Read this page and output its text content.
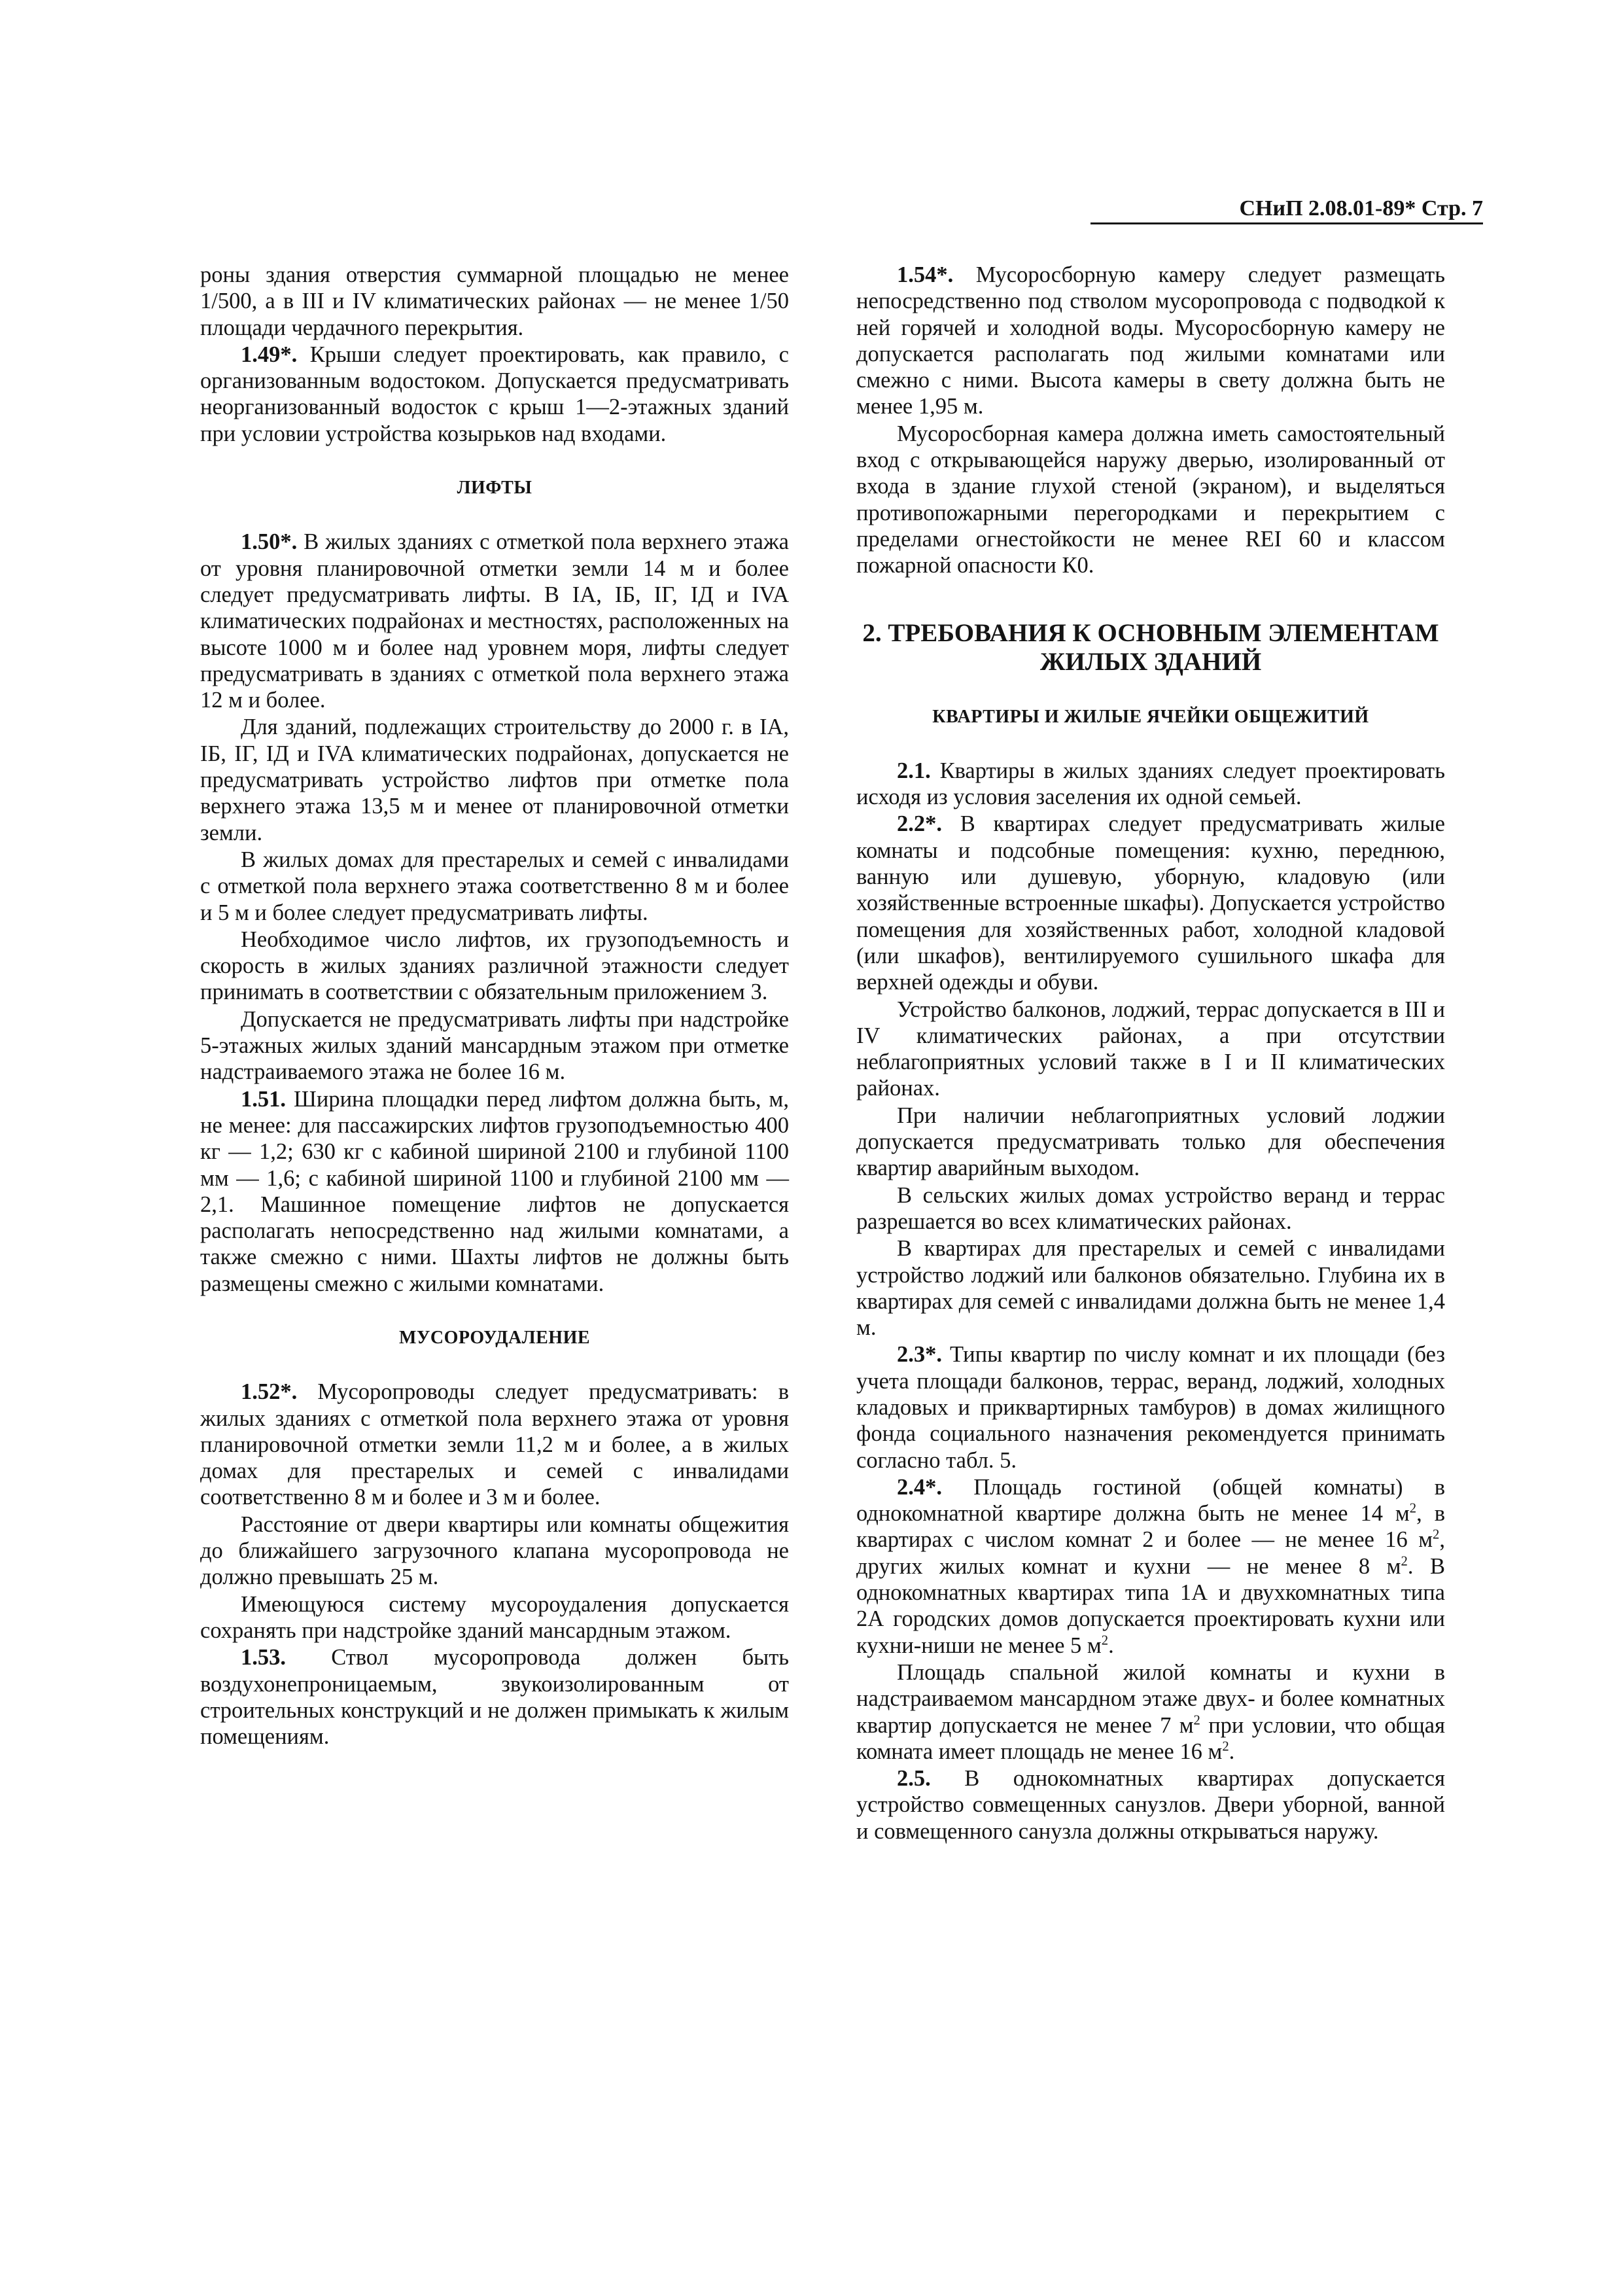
СНиП 2.08.01-89* Стр. 7

роны здания отверстия суммарной площадью не менее 1/500, а в III и IV климатических районах — не менее 1/50 площади чердачного перекрытия.

1.49*. Крыши следует проектировать, как правило, с организованным водостоком. Допускается предусматривать неорганизованный водосток с крыш 1—2-этажных зданий при условии устройства козырьков над входами.

ЛИФТЫ

1.50*. В жилых зданиях с отметкой пола верхнего этажа от уровня планировочной отметки земли 14 м и более следует предусматривать лифты. В IA, IБ, IГ, IД и IVA климатических подрайонах и местностях, расположенных на высоте 1000 м и более над уровнем моря, лифты следует предусматривать в зданиях с отметкой пола верхнего этажа 12 м и более.

Для зданий, подлежащих строительству до 2000 г. в IA, IБ, IГ, IД и IVA климатических подрайонах, допускается не предусматривать устройство лифтов при отметке пола верхнего этажа 13,5 м и менее от планировочной отметки земли.

В жилых домах для престарелых и семей с инвалидами с отметкой пола верхнего этажа соответственно 8 м и более и 5 м и более следует предусматривать лифты.

Необходимое число лифтов, их грузоподъемность и скорость в жилых зданиях различной этажности следует принимать в соответствии с обязательным приложением 3.

Допускается не предусматривать лифты при надстройке 5-этажных жилых зданий мансардным этажом при отметке надстраиваемого этажа не более 16 м.

1.51. Ширина площадки перед лифтом должна быть, м, не менее: для пассажирских лифтов грузоподъемностью 400 кг — 1,2; 630 кг с кабиной шириной 2100 и глубиной 1100 мм — 1,6; с кабиной шириной 1100 и глубиной 2100 мм — 2,1. Машинное помещение лифтов не допускается располагать непосредственно над жилыми комнатами, а также смежно с ними. Шахты лифтов не должны быть размещены смежно с жилыми комнатами.

МУСОРОУДАЛЕНИЕ

1.52*. Мусоропроводы следует предусматривать: в жилых зданиях с отметкой пола верхнего этажа от уровня планировочной отметки земли 11,2 м и более, а в жилых домах для престарелых и семей с инвалидами соответственно 8 м и более и 3 м и более.

Расстояние от двери квартиры или комнаты общежития до ближайшего загрузочного клапана мусоропровода не должно превышать 25 м.

Имеющуюся систему мусороудаления допускается сохранять при надстройке зданий мансардным этажом.

1.53. Ствол мусоропровода должен быть воздухонепроницаемым, звукоизолированным от строительных конструкций и не должен примыкать к жилым помещениям.

1.54*. Мусоросборную камеру следует размещать непосредственно под стволом мусоропровода с подводкой к ней горячей и холодной воды. Мусоросборную камеру не допускается располагать под жилыми комнатами или смежно с ними. Высота камеры в свету должна быть не менее 1,95 м.

Мусоросборная камера должна иметь самостоятельный вход с открывающейся наружу дверью, изолированный от входа в здание глухой стеной (экраном), и выделяться противопожарными перегородками и перекрытием с пределами огнестойкости не менее REI 60 и классом пожарной опасности К0.

2. ТРЕБОВАНИЯ К ОСНОВНЫМ ЭЛЕМЕНТАМ ЖИЛЫХ ЗДАНИЙ
КВАРТИРЫ И ЖИЛЫЕ ЯЧЕЙКИ ОБЩЕЖИТИЙ

2.1. Квартиры в жилых зданиях следует проектировать исходя из условия заселения их одной семьей.

2.2*. В квартирах следует предусматривать жилые комнаты и подсобные помещения: кухню, переднюю, ванную или душевую, уборную, кладовую (или хозяйственные встроенные шкафы). Допускается устройство помещения для хозяйственных работ, холодной кладовой (или шкафов), вентилируемого сушильного шкафа для верхней одежды и обуви.

Устройство балконов, лоджий, террас допускается в III и IV климатических районах, а при отсутствии неблагоприятных условий также в I и II климатических районах.

При наличии неблагоприятных условий лоджии допускается предусматривать только для обеспечения квартир аварийным выходом.

В сельских жилых домах устройство веранд и террас разрешается во всех климатических районах.

В квартирах для престарелых и семей с инвалидами устройство лоджий или балконов обязательно. Глубина их в квартирах для семей с инвалидами должна быть не менее 1,4 м.

2.3*. Типы квартир по числу комнат и их площади (без учета площади балконов, террас, веранд, лоджий, холодных кладовых и приквартирных тамбуров) в домах жилищного фонда социального назначения рекомендуется принимать согласно табл. 5.

2.4*. Площадь гостиной (общей комнаты) в однокомнатной квартире должна быть не менее 14 $м^2$, в квартирах с числом комнат 2 и более — не менее 16 $м^2$, других жилых комнат и кухни — не менее 8 $м^2$. В однокомнатных квартирах типа 1А и двухкомнатных типа 2А городских домов допускается проектировать кухни или кухни-ниши не менее 5 $м^2$.

Площадь спальной жилой комнаты и кухни в надстраиваемом мансардном этаже двух- и более комнатных квартир допускается не менее 7 $м^2$ при условии, что общая комната имеет площадь не менее 16 $м^2$.

2.5. В однокомнатных квартирах допускается устройство совмещенных санузлов. Двери уборной, ванной и совмещенного санузла должны открываться наружу.
